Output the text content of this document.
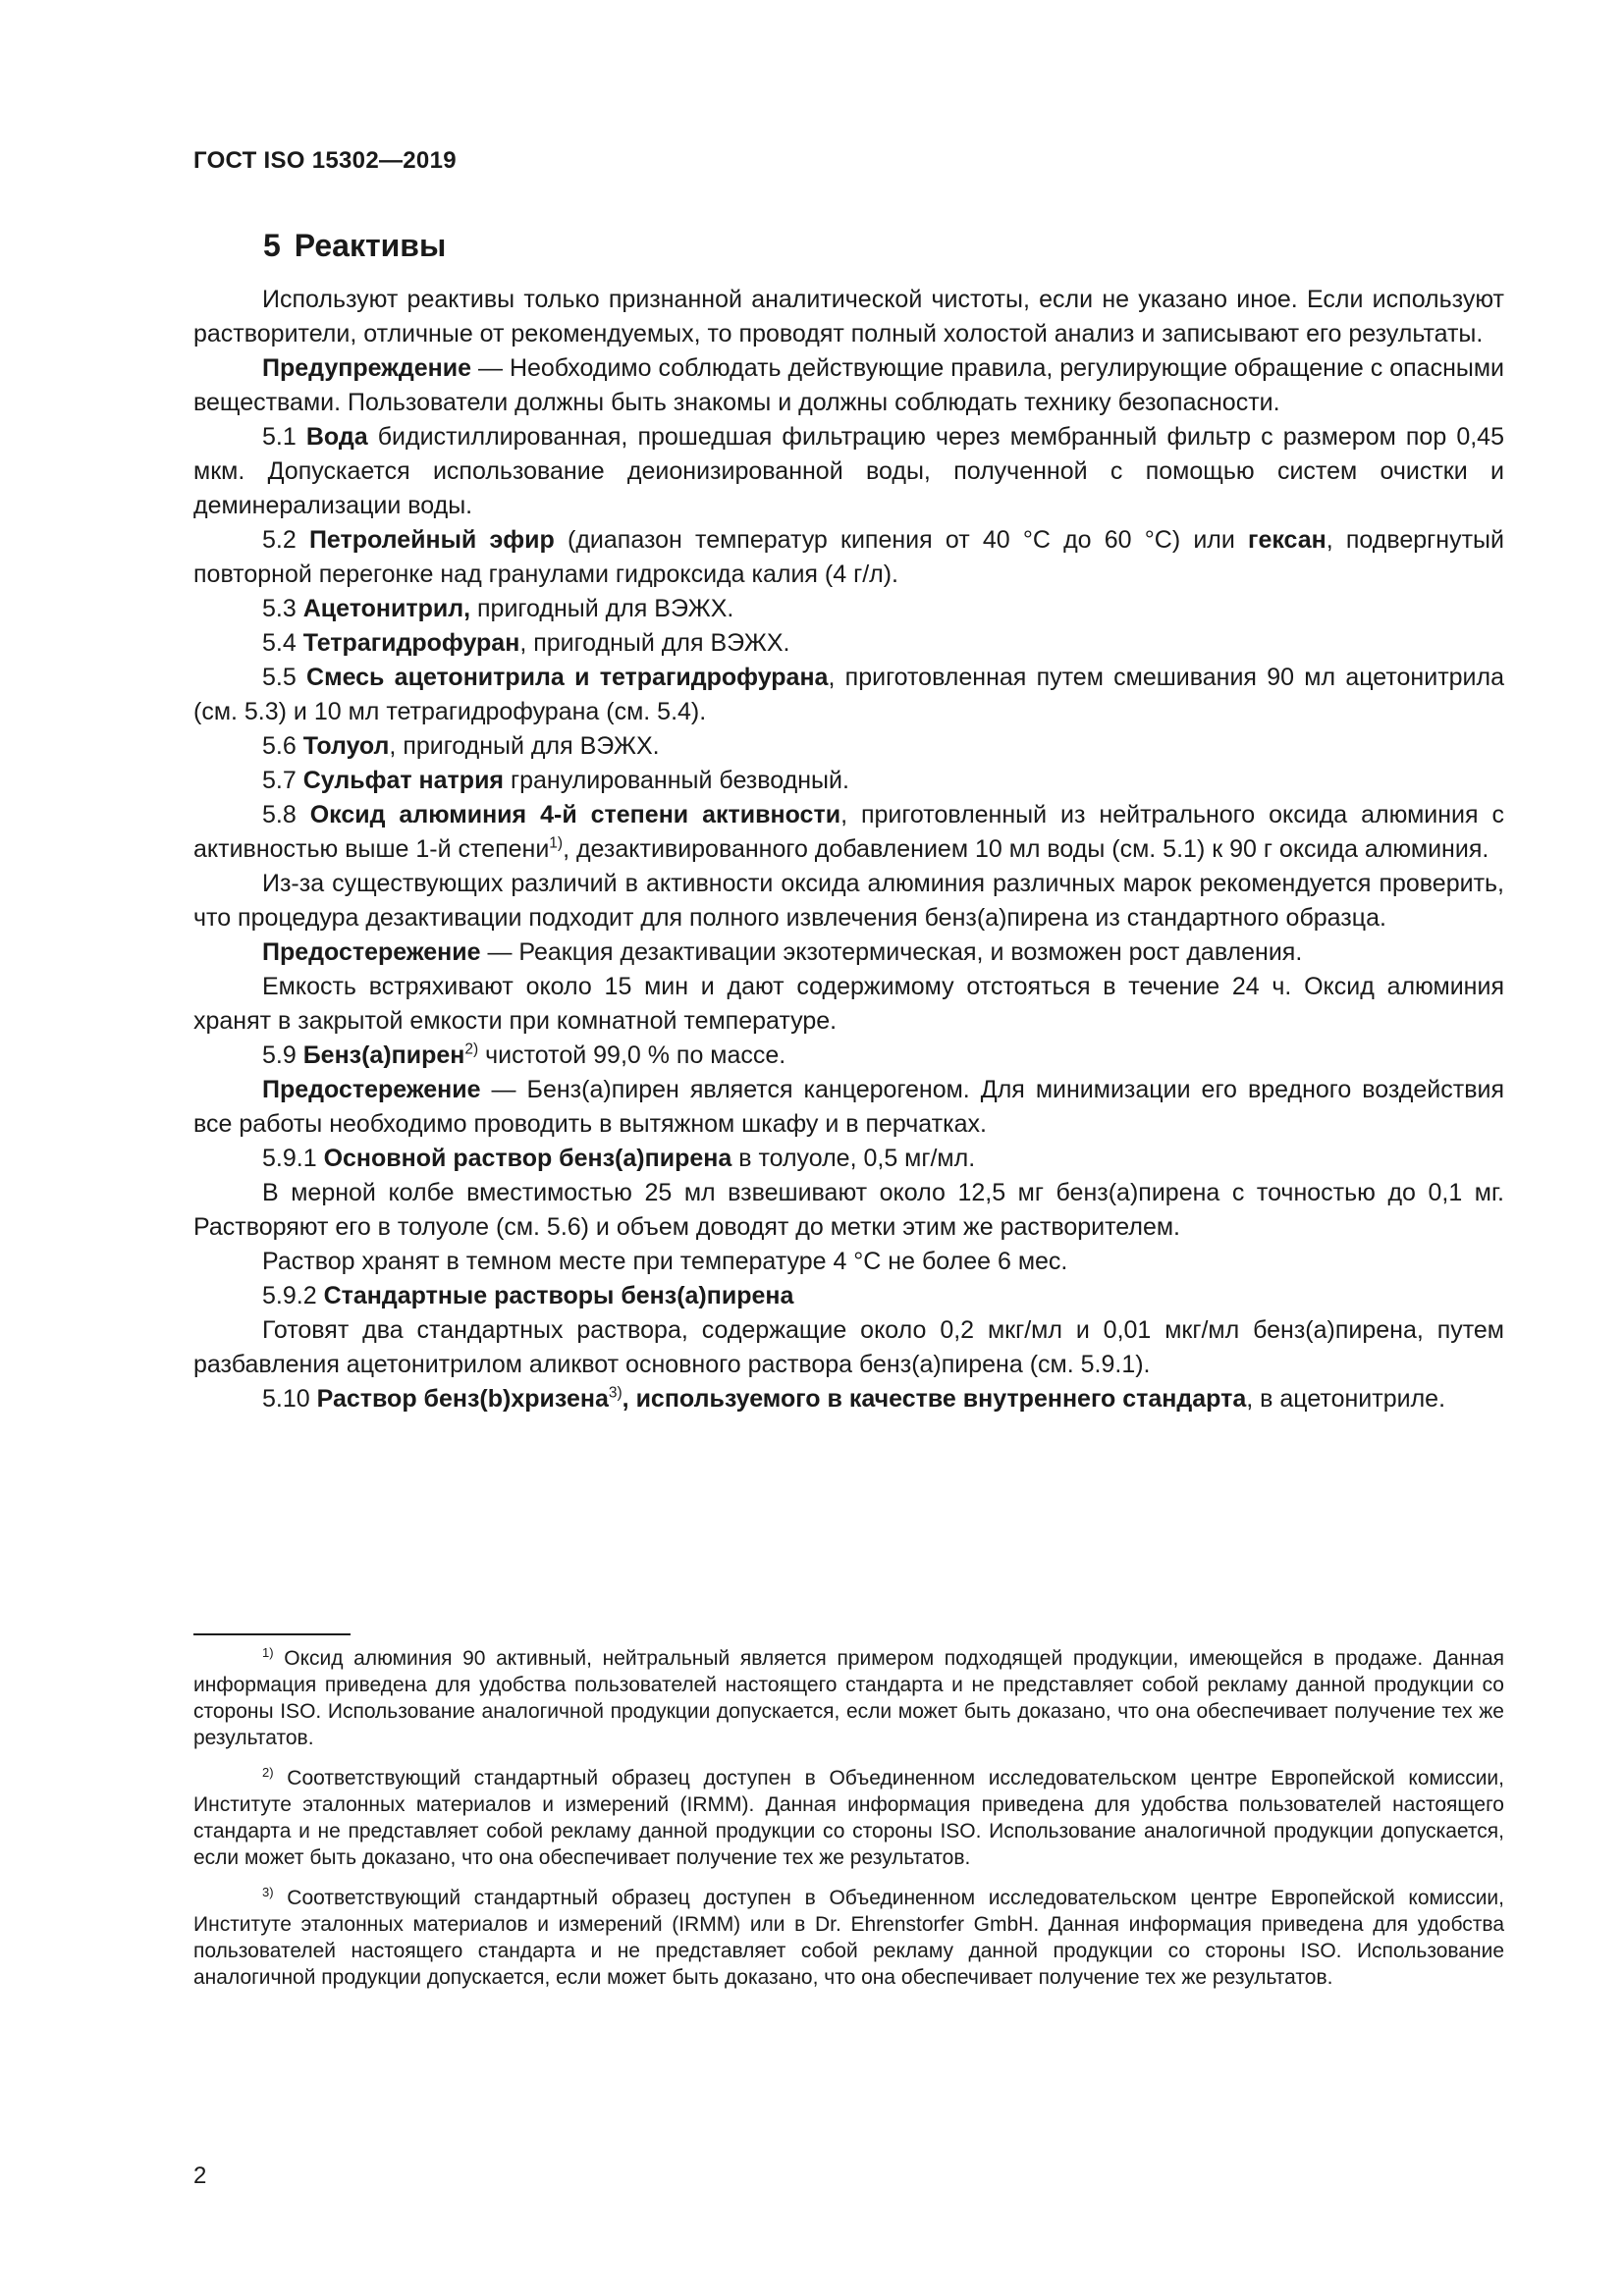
ГОСТ ISO 15302—2019
5 Реактивы

Используют реактивы только признанной аналитической чистоты, если не указано иное. Если используют растворители, отличные от рекомендуемых, то проводят полный холостой анализ и записывают его результаты.

Предупреждение — Необходимо соблюдать действующие правила, регулирующие обращение с опасными веществами. Пользователи должны быть знакомы и должны соблюдать технику безопасности.

5.1 Вода бидистиллированная, прошедшая фильтрацию через мембранный фильтр с размером пор 0,45 мкм. Допускается использование деионизированной воды, полученной с помощью систем очистки и деминерализации воды.

5.2 Петролейный эфир (диапазон температур кипения от 40 °С до 60 °С) или гексан, подвергнутый повторной перегонке над гранулами гидроксида калия (4 г/л).

5.3 Ацетонитрил, пригодный для ВЭЖХ.

5.4 Тетрагидрофуран, пригодный для ВЭЖХ.

5.5 Смесь ацетонитрила и тетрагидрофурана, приготовленная путем смешивания 90 мл ацетонитрила (см. 5.3) и 10 мл тетрагидрофурана (см. 5.4).

5.6 Толуол, пригодный для ВЭЖХ.

5.7 Сульфат натрия гранулированный безводный.

5.8 Оксид алюминия 4-й степени активности, приготовленный из нейтрального оксида алюминия с активностью выше 1-й степени$^{1)}$, дезактивированного добавлением 10 мл воды (см. 5.1) к 90 г оксида алюминия.

Из-за существующих различий в активности оксида алюминия различных марок рекомендуется проверить, что процедура дезактивации подходит для полного извлечения бенз(а)пирена из стандартного образца.

Предостережение — Реакция дезактивации экзотермическая, и возможен рост давления.

Емкость встряхивают около 15 мин и дают содержимому отстояться в течение 24 ч. Оксид алюминия хранят в закрытой емкости при комнатной температуре.

5.9 Бенз(а)пирен$^{2)}$ чистотой 99,0 % по массе.

Предостережение — Бенз(а)пирен является канцерогеном. Для минимизации его вредного воздействия все работы необходимо проводить в вытяжном шкафу и в перчатках.

5.9.1 Основной раствор бенз(а)пирена в толуоле, 0,5 мг/мл.

В мерной колбе вместимостью 25 мл взвешивают около 12,5 мг бенз(а)пирена с точностью до 0,1 мг. Растворяют его в толуоле (см. 5.6) и объем доводят до метки этим же растворителем.

Раствор хранят в темном месте при температуре 4 °С не более 6 мес.

5.9.2 Стандартные растворы бенз(а)пирена

Готовят два стандартных раствора, содержащие около 0,2 мкг/мл и 0,01 мкг/мл бенз(а)пирена, путем разбавления ацетонитрилом аликвот основного раствора бенз(а)пирена (см. 5.9.1).

5.10 Раствор бенз(b)хризена$^{3)}$, используемого в качестве внутреннего стандарта, в ацетонитриле.

$^{1)}$ Оксид алюминия 90 активный, нейтральный является примером подходящей продукции, имеющейся в продаже. Данная информация приведена для удобства пользователей настоящего стандарта и не представляет собой рекламу данной продукции со стороны ISO. Использование аналогичной продукции допускается, если может быть доказано, что она обеспечивает получение тех же результатов.

$^{2)}$ Соответствующий стандартный образец доступен в Объединенном исследовательском центре Европейской комиссии, Институте эталонных материалов и измерений (IRMM). Данная информация приведена для удобства пользователей настоящего стандарта и не представляет собой рекламу данной продукции со стороны ISO. Использование аналогичной продукции допускается, если может быть доказано, что она обеспечивает получение тех же результатов.

$^{3)}$ Соответствующий стандартный образец доступен в Объединенном исследовательском центре Европейской комиссии, Институте эталонных материалов и измерений (IRMM) или в Dr. Ehrenstorfer GmbH. Данная информация приведена для удобства пользователей настоящего стандарта и не представляет собой рекламу данной продукции со стороны ISO. Использование аналогичной продукции допускается, если может быть доказано, что она обеспечивает получение тех же результатов.

2
